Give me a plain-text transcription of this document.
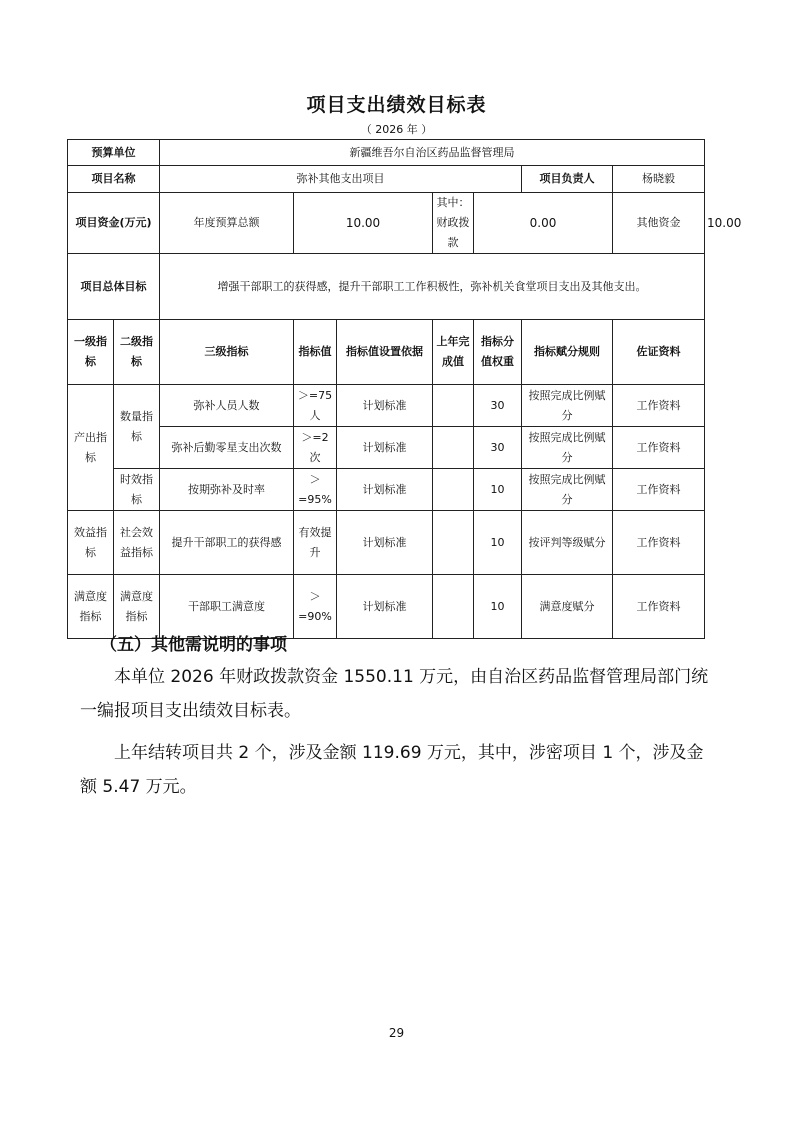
项目支出绩效目标表
（ 2026 年 ）
预算单位		新疆维吾尔自治区药品监督管理局							
项目名称		弥补其他支出项目					项目负责人	杨晓毅	
项目资金(万元)		年度预算总额	10.00		其中：财政拨款	0.00		其他资金	10.00
项目总体目标		增强干部职工的获得感，提升干部职工工作积极性，弥补机关食堂项目支出及其他支出。							
一级指标	二级指标	三级指标	指标值	指标值设置依据	上年完成值	指标分值权重	指标赋分规则	佐证资料	
产出指标	数量指标	弥补人员人数	＞=75人	计划标准		30	按照完成比例赋分	工作资料	
		弥补后勤零星支出次数	＞=2次	计划标准		30	按照完成比例赋分	工作资料	
	时效指标	按期弥补及时率	＞=95%	计划标准		10	按照完成比例赋分	工作资料	
效益指标	社会效益指标	提升干部职工的获得感	有效提升	计划标准		10	按评判等级赋分	工作资料	
满意度指标	满意度指标	干部职工满意度	＞=90%	计划标准		10	满意度赋分	工作资料	
（五）其他需说明的事项
本单位 2026 年财政拨款资金 1550.11 万元，由自治区药品监督管理局部门统一编报项目支出绩效目标表。
上年结转项目共 2 个，涉及金额 119.69 万元，其中，涉密项目 1 个，涉及金额 5.47 万元。
29
